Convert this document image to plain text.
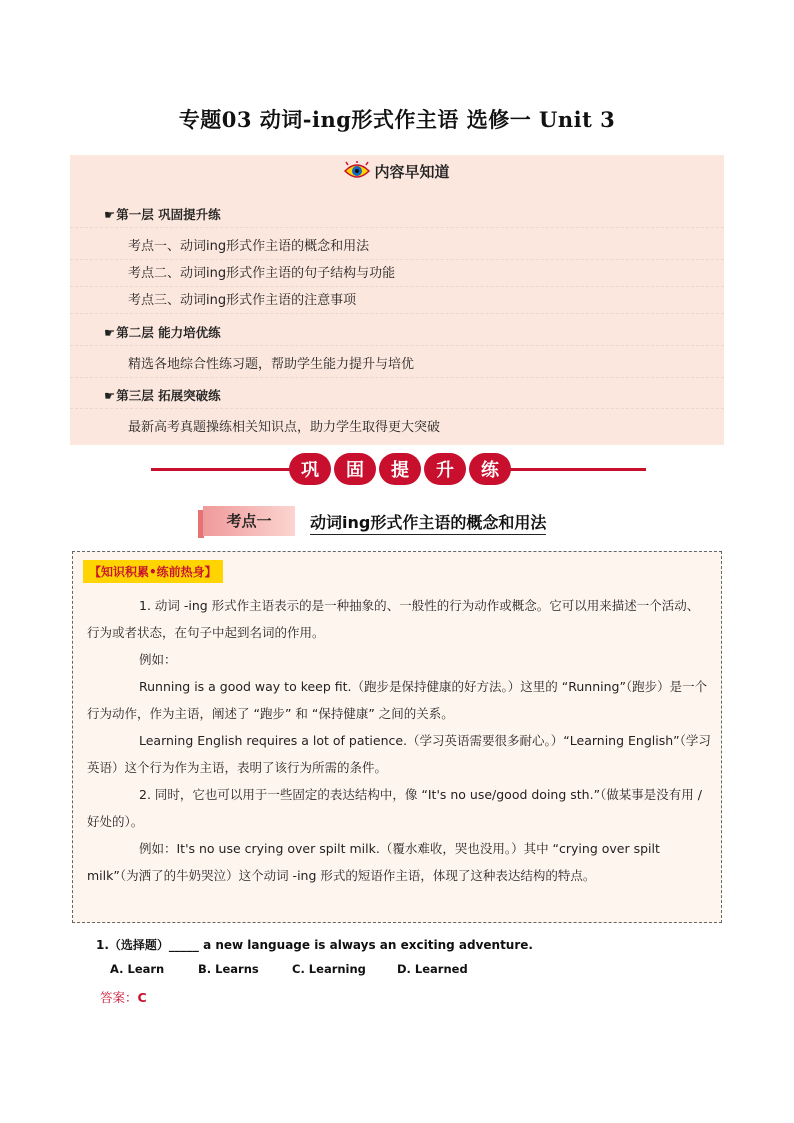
专题03 动词-ing形式作主语 选修一 Unit 3
内容早知道
☛第一层 巩固提升练
考点一、动词ing形式作主语的概念和用法
考点二、动词ing形式作主语的句子结构与功能
考点三、动词ing形式作主语的注意事项
☛第二层 能力培优练
精选各地综合性练习题，帮助学生能力提升与培优
☛第三层 拓展突破练
最新高考真题操练相关知识点，助力学生取得更大突破
巩	固	提	升	练
考点一	动词ing形式作主语的概念和用法
【知识积累•练前热身】
1. 动词 -ing 形式作主语表示的是一种抽象的、一般性的行为动作或概念。它可以用来描述一个活动、行为或者状态，在句子中起到名词的作用。
例如：
Running is a good way to keep fit.（跑步是保持健康的好方法。）这里的 “Running”（跑步）是一个行为动作，作为主语，阐述了 “跑步” 和 “保持健康” 之间的关系。
Learning English requires a lot of patience.（学习英语需要很多耐心。）“Learning English”（学习英语）这个行为作为主语，表明了该行为所需的条件。
2. 同时，它也可以用于一些固定的表达结构中，像 “It's no use/good doing sth.”（做某事是没有用 / 好处的）。
例如：It's no use crying over spilt milk.（覆水难收，哭也没用。）其中 “crying over spilt milk”（为洒了的牛奶哭泣）这个动词 -ing 形式的短语作主语，体现了这种表达结构的特点。
1.（选择题）_____ a new language is always an exciting adventure.
A. Learn	B. Learns	C. Learning	D. Learned
答案：C
